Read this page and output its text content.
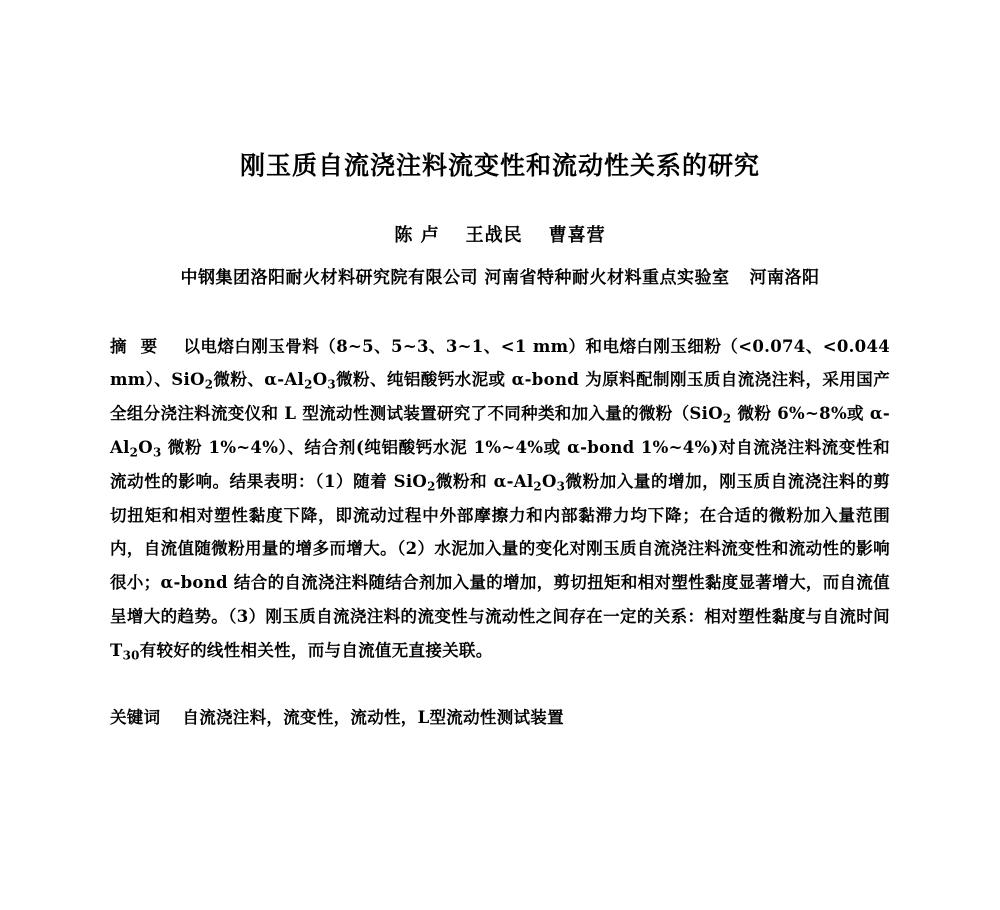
刚玉质自流浇注料流变性和流动性关系的研究
陈 卢 王战民 曹喜营
中钢集团洛阳耐火材料研究院有限公司 河南省特种耐火材料重点实验室 河南洛阳
摘 要 以电熔白刚玉骨料（8~5、5~3、3~1、<1 mm）和电熔白刚玉细粉（<0.074、<0.044 mm）、SiO$_2$微粉、$\alpha-Al_2O_3$微粉、纯铝酸钙水泥或 α-bond 为原料配制刚玉质自流浇注料，采用国产全组分浇注料流变仪和 L 型流动性测试装置研究了不同种类和加入量的微粉（SiO$_2$ 微粉 6%~8%或 $\alpha-Al_2O_3$ 微粉 1%~4%）、结合剂(纯铝酸钙水泥 1%~4%或 α-bond 1%~4%)对自流浇注料流变性和流动性的影响。结果表明：（1）随着 SiO$_2$微粉和 $\alpha-Al_2O_3$微粉加入量的增加，刚玉质自流浇注料的剪切扭矩和相对塑性黏度下降，即流动过程中外部摩擦力和内部黏滞力均下降；在合适的微粉加入量范围内，自流值随微粉用量的增多而增大。（2）水泥加入量的变化对刚玉质自流浇注料流变性和流动性的影响很小；α-bond 结合的自流浇注料随结合剂加入量的增加，剪切扭矩和相对塑性黏度显著增大，而自流值呈增大的趋势。（3）刚玉质自流浇注料的流变性与流动性之间存在一定的关系：相对塑性黏度与自流时间 $T_{30}$有较好的线性相关性，而与自流值无直接关联。
关键词 自流浇注料，流变性，流动性，L型流动性测试装置
